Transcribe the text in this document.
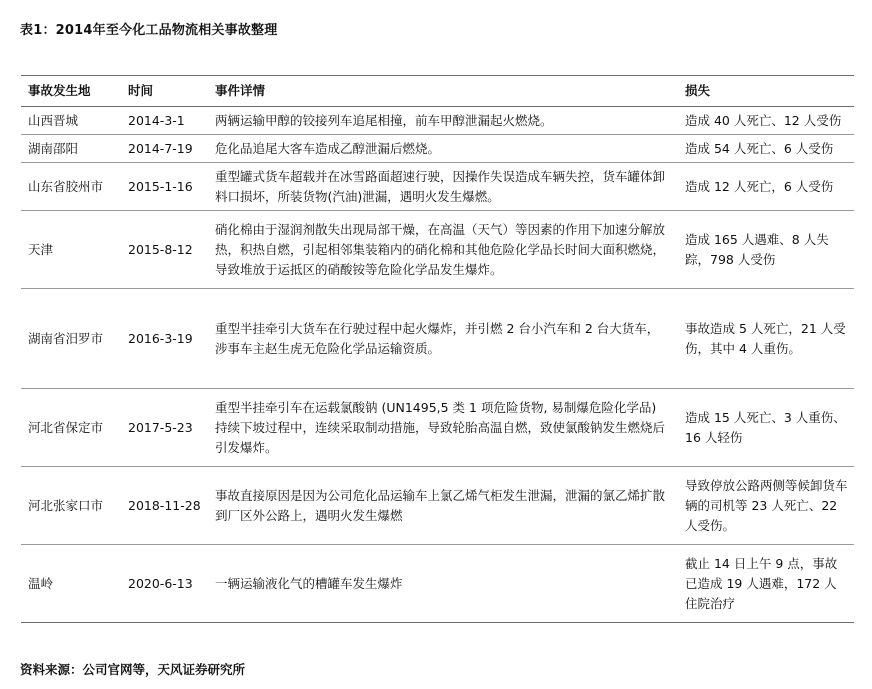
表1：2014年至今化工品物流相关事故整理
事故发生地	时间	事件详情	损失
山西晋城	2014-3-1	两辆运输甲醇的铰接列车追尾相撞，前车甲醇泄漏起火燃烧。	造成 40 人死亡、12 人受伤
湖南邵阳	2014-7-19	危化品追尾大客车造成乙醇泄漏后燃烧。	造成 54 人死亡、6 人受伤
山东省胶州市	2015-1-16	重型罐式货车超载并在冰雪路面超速行驶，因操作失误造成车辆失控，货车罐体卸料口损坏，所装货物(汽油)泄漏，遇明火发生爆燃。	造成 12 人死亡，6 人受伤
天津	2015-8-12	硝化棉由于湿润剂散失出现局部干燥，在高温（天气）等因素的作用下加速分解放热，积热自燃，引起相邻集装箱内的硝化棉和其他危险化学品长时间大面积燃烧，导致堆放于运抵区的硝酸铵等危险化学品发生爆炸。	造成 165 人遇难、8 人失踪，798 人受伤
湖南省汨罗市	2016-3-19	重型半挂牵引大货车在行驶过程中起火爆炸，并引燃 2 台小汽车和 2 台大货车，涉事车主赵生虎无危险化学品运输资质。	事故造成 5 人死亡，21 人受伤，其中 4 人重伤。
河北省保定市	2017-5-23	重型半挂牵引车在运载氯酸钠 (UN1495,5 类 1 项危险货物, 易制爆危险化学品) 持续下坡过程中，连续采取制动措施，导致轮胎高温自燃，致使氯酸钠发生燃烧后引发爆炸。	造成 15 人死亡、3 人重伤、16 人轻伤
河北张家口市	2018-11-28	事故直接原因是因为公司危化品运输车上氯乙烯气柜发生泄漏，泄漏的氯乙烯扩散到厂区外公路上，遇明火发生爆燃	导致停放公路两侧等候卸货车辆的司机等 23 人死亡、22 人受伤。
温岭	2020-6-13	一辆运输液化气的槽罐车发生爆炸	截止 14 日上午 9 点，事故已造成 19 人遇难，172 人住院治疗
资料来源：公司官网等，天风证券研究所
